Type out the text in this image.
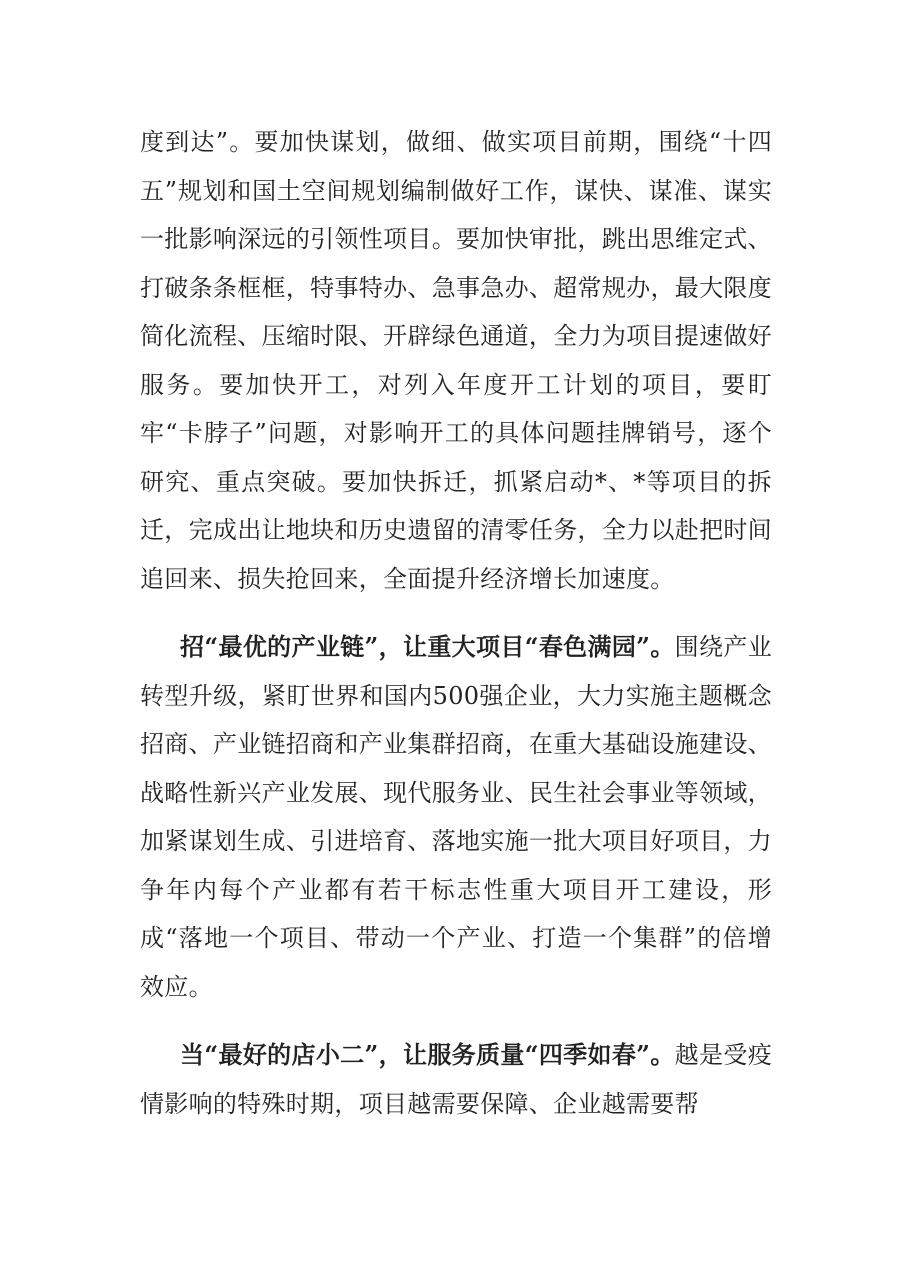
度到达”。要加快谋划，做细、做实项目前期，围绕“十四五”规划和国土空间规划编制做好工作，谋快、谋准、谋实一批影响深远的引领性项目。要加快审批，跳出思维定式、打破条条框框，特事特办、急事急办、超常规办，最大限度简化流程、压缩时限、开辟绿色通道，全力为项目提速做好服务。要加快开工，对列入年度开工计划的项目，要盯牢“卡脖子”问题，对影响开工的具体问题挂牌销号，逐个研究、重点突破。要加快拆迁，抓紧启动*、*等项目的拆迁，完成出让地块和历史遗留的清零任务，全力以赴把时间追回来、损失抢回来，全面提升经济增长加速度。

招“最优的产业链”，让重大项目“春色满园”。围绕产业转型升级，紧盯世界和国内500强企业，大力实施主题概念招商、产业链招商和产业集群招商，在重大基础设施建设、战略性新兴产业发展、现代服务业、民生社会事业等领域，加紧谋划生成、引进培育、落地实施一批大项目好项目，力争年内每个产业都有若干标志性重大项目开工建设，形成“落地一个项目、带动一个产业、打造一个集群”的倍增效应。

当“最好的店小二”，让服务质量“四季如春”。越是受疫情影响的特殊时期，项目越需要保障、企业越需要帮
